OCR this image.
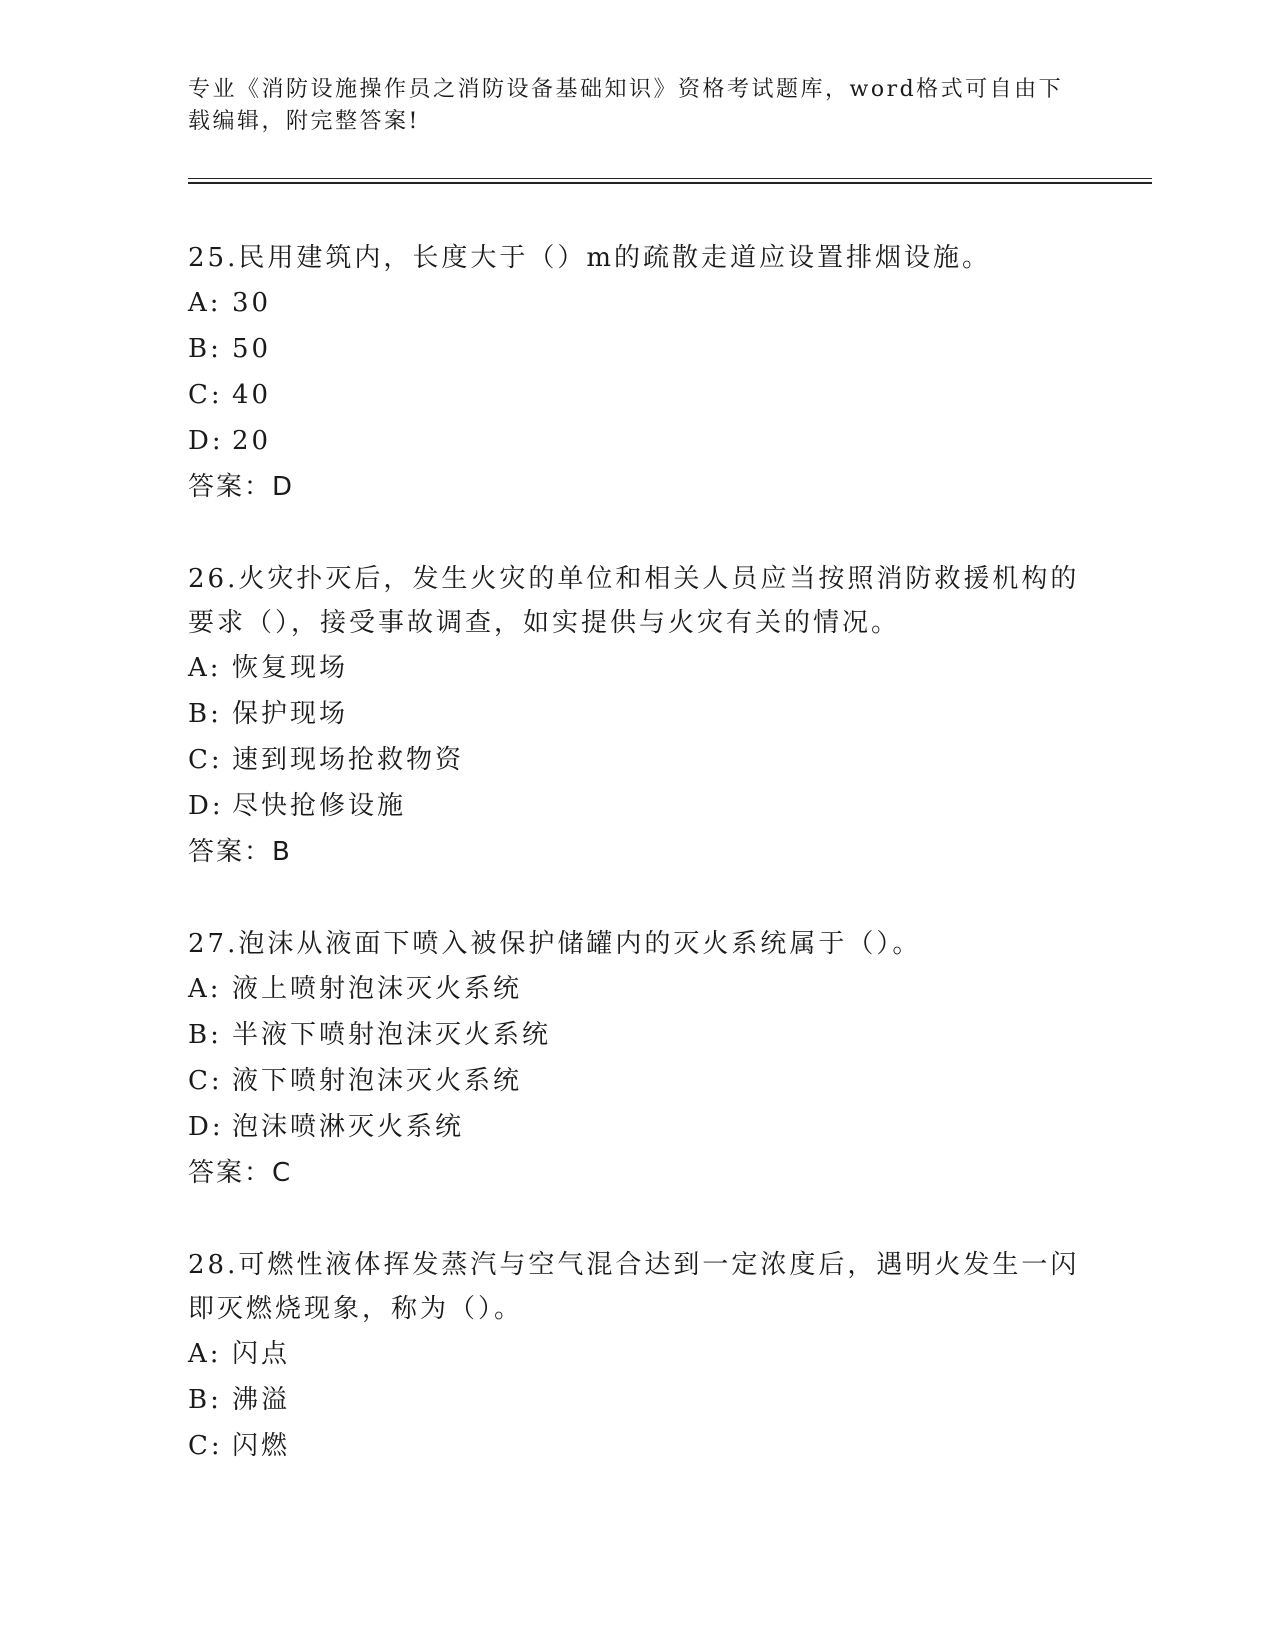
专业《消防设施操作员之消防设备基础知识》资格考试题库，word格式可自由下载编辑，附完整答案!

25.民用建筑内，长度大于（）m的疏散走道应设置排烟设施。

A: 30

B: 50

C: 40

D: 20

答案：D

26.火灾扑灭后，发生火灾的单位和相关人员应当按照消防救援机构的要求（），接受事故调查，如实提供与火灾有关的情况。

A: 恢复现场

B: 保护现场

C: 速到现场抢救物资

D: 尽快抢修设施

答案：B

27.泡沫从液面下喷入被保护储罐内的灭火系统属于（）。

A: 液上喷射泡沫灭火系统

B: 半液下喷射泡沫灭火系统

C: 液下喷射泡沫灭火系统

D: 泡沫喷淋灭火系统

答案：C

28.可燃性液体挥发蒸汽与空气混合达到一定浓度后，遇明火发生一闪即灭燃烧现象，称为（）。

A: 闪点

B: 沸溢

C: 闪燃
